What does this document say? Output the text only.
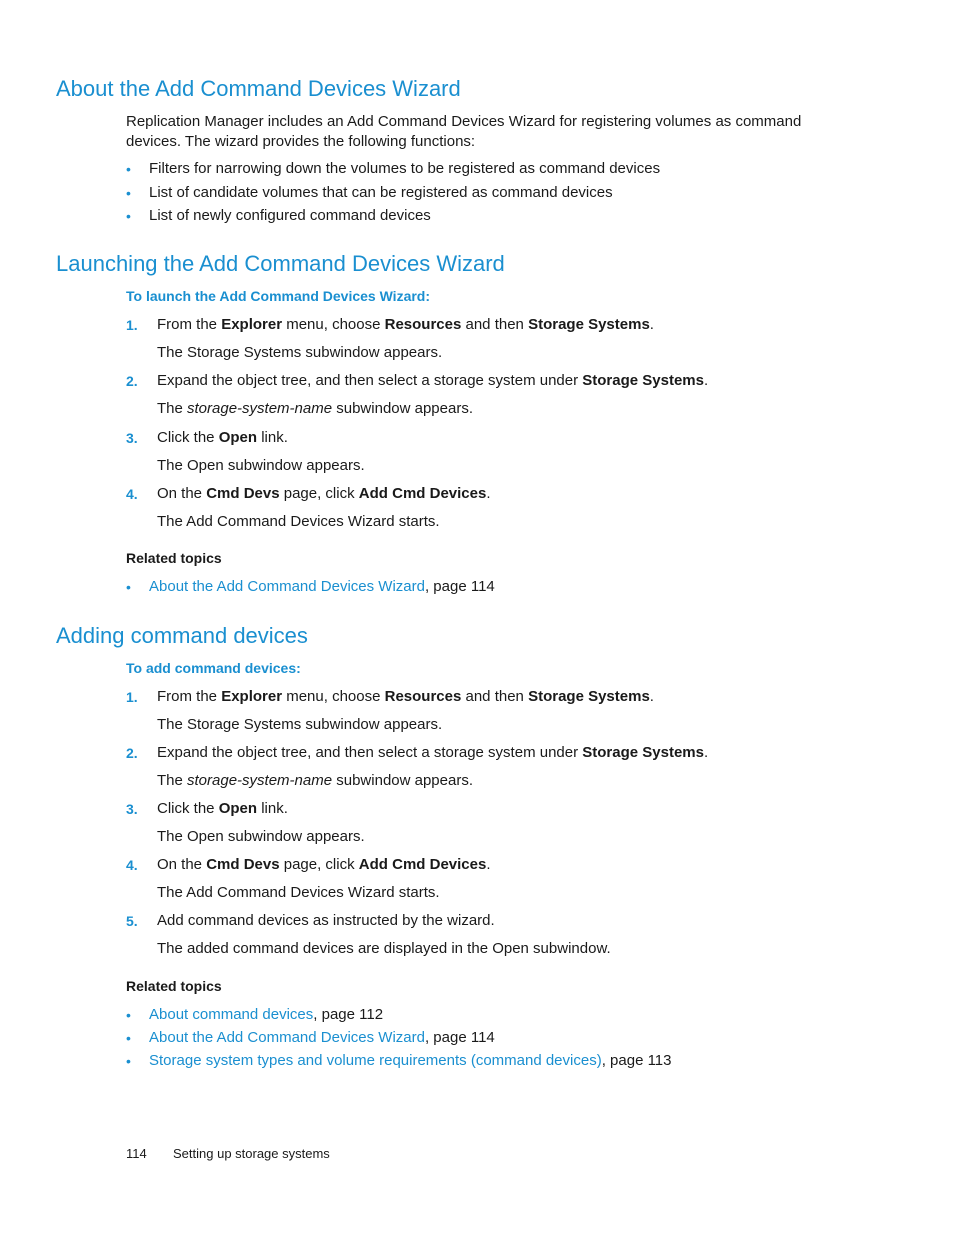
About the Add Command Devices Wizard

Replication Manager includes an Add Command Devices Wizard for registering volumes as command devices. The wizard provides the following functions:

• Filters for narrowing down the volumes to be registered as command devices
• List of candidate volumes that can be registered as command devices
• List of newly configured command devices
Launching the Add Command Devices Wizard

To launch the Add Command Devices Wizard:

1. From the Explorer menu, choose Resources and then Storage Systems.
The Storage Systems subwindow appears.
2. Expand the object tree, and then select a storage system under Storage Systems.
The storage-system-name subwindow appears.
3. Click the Open link.
The Open subwindow appears.
4. On the Cmd Devs page, click Add Cmd Devices.
The Add Command Devices Wizard starts.

Related topics

• About the Add Command Devices Wizard, page 114
Adding command devices

To add command devices:

1. From the Explorer menu, choose Resources and then Storage Systems.
The Storage Systems subwindow appears.
2. Expand the object tree, and then select a storage system under Storage Systems.
The storage-system-name subwindow appears.
3. Click the Open link.
The Open subwindow appears.
4. On the Cmd Devs page, click Add Cmd Devices.
The Add Command Devices Wizard starts.
5. Add command devices as instructed by the wizard.
The added command devices are displayed in the Open subwindow.

Related topics

• About command devices, page 112
• About the Add Command Devices Wizard, page 114
• Storage system types and volume requirements (command devices), page 113
114 Setting up storage systems
